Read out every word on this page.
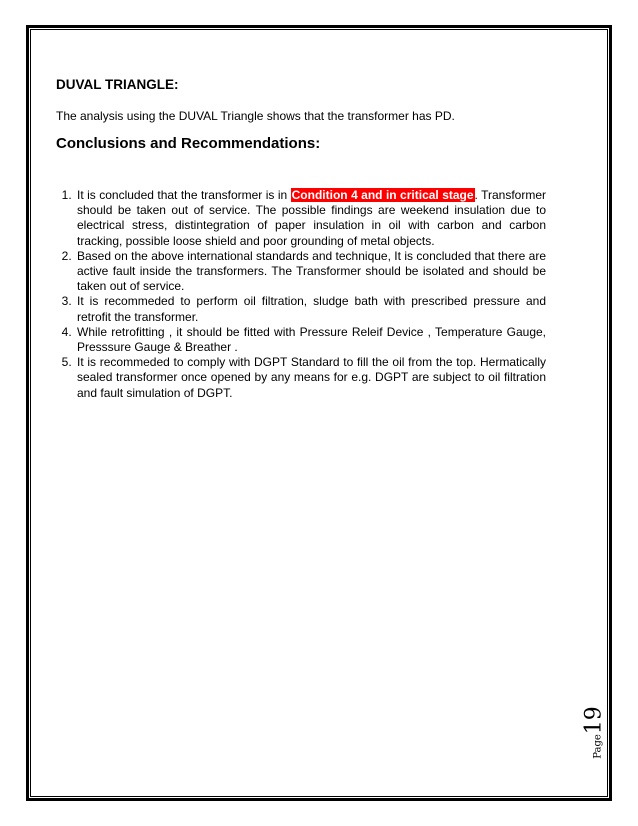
DUVAL TRIANGLE:

The analysis using the DUVAL Triangle shows that the transformer has PD.

Conclusions and Recommendations:
1. It is concluded that the transformer is in Condition 4 and in critical stage. Transformer should be taken out of service. The possible findings are weekend insulation due to electrical stress, distintegration of paper insulation in oil with carbon and carbon tracking, possible loose shield and poor grounding of metal objects.
2. Based on the above international standards and technique, It is concluded that there are active fault inside the transformers. The Transformer should be isolated and should be taken out of service.
3. It is recommeded to perform oil filtration, sludge bath with prescribed pressure and retrofit the transformer.
4. While retrofitting , it should be fitted with Pressure Releif Device , Temperature Gauge, Presssure Gauge & Breather .
5. It is recommeded to comply with DGPT Standard to fill the oil from the top. Hermatically sealed transformer once opened by any means for e.g. DGPT are subject to oil filtration and fault simulation of DGPT.
Page19
